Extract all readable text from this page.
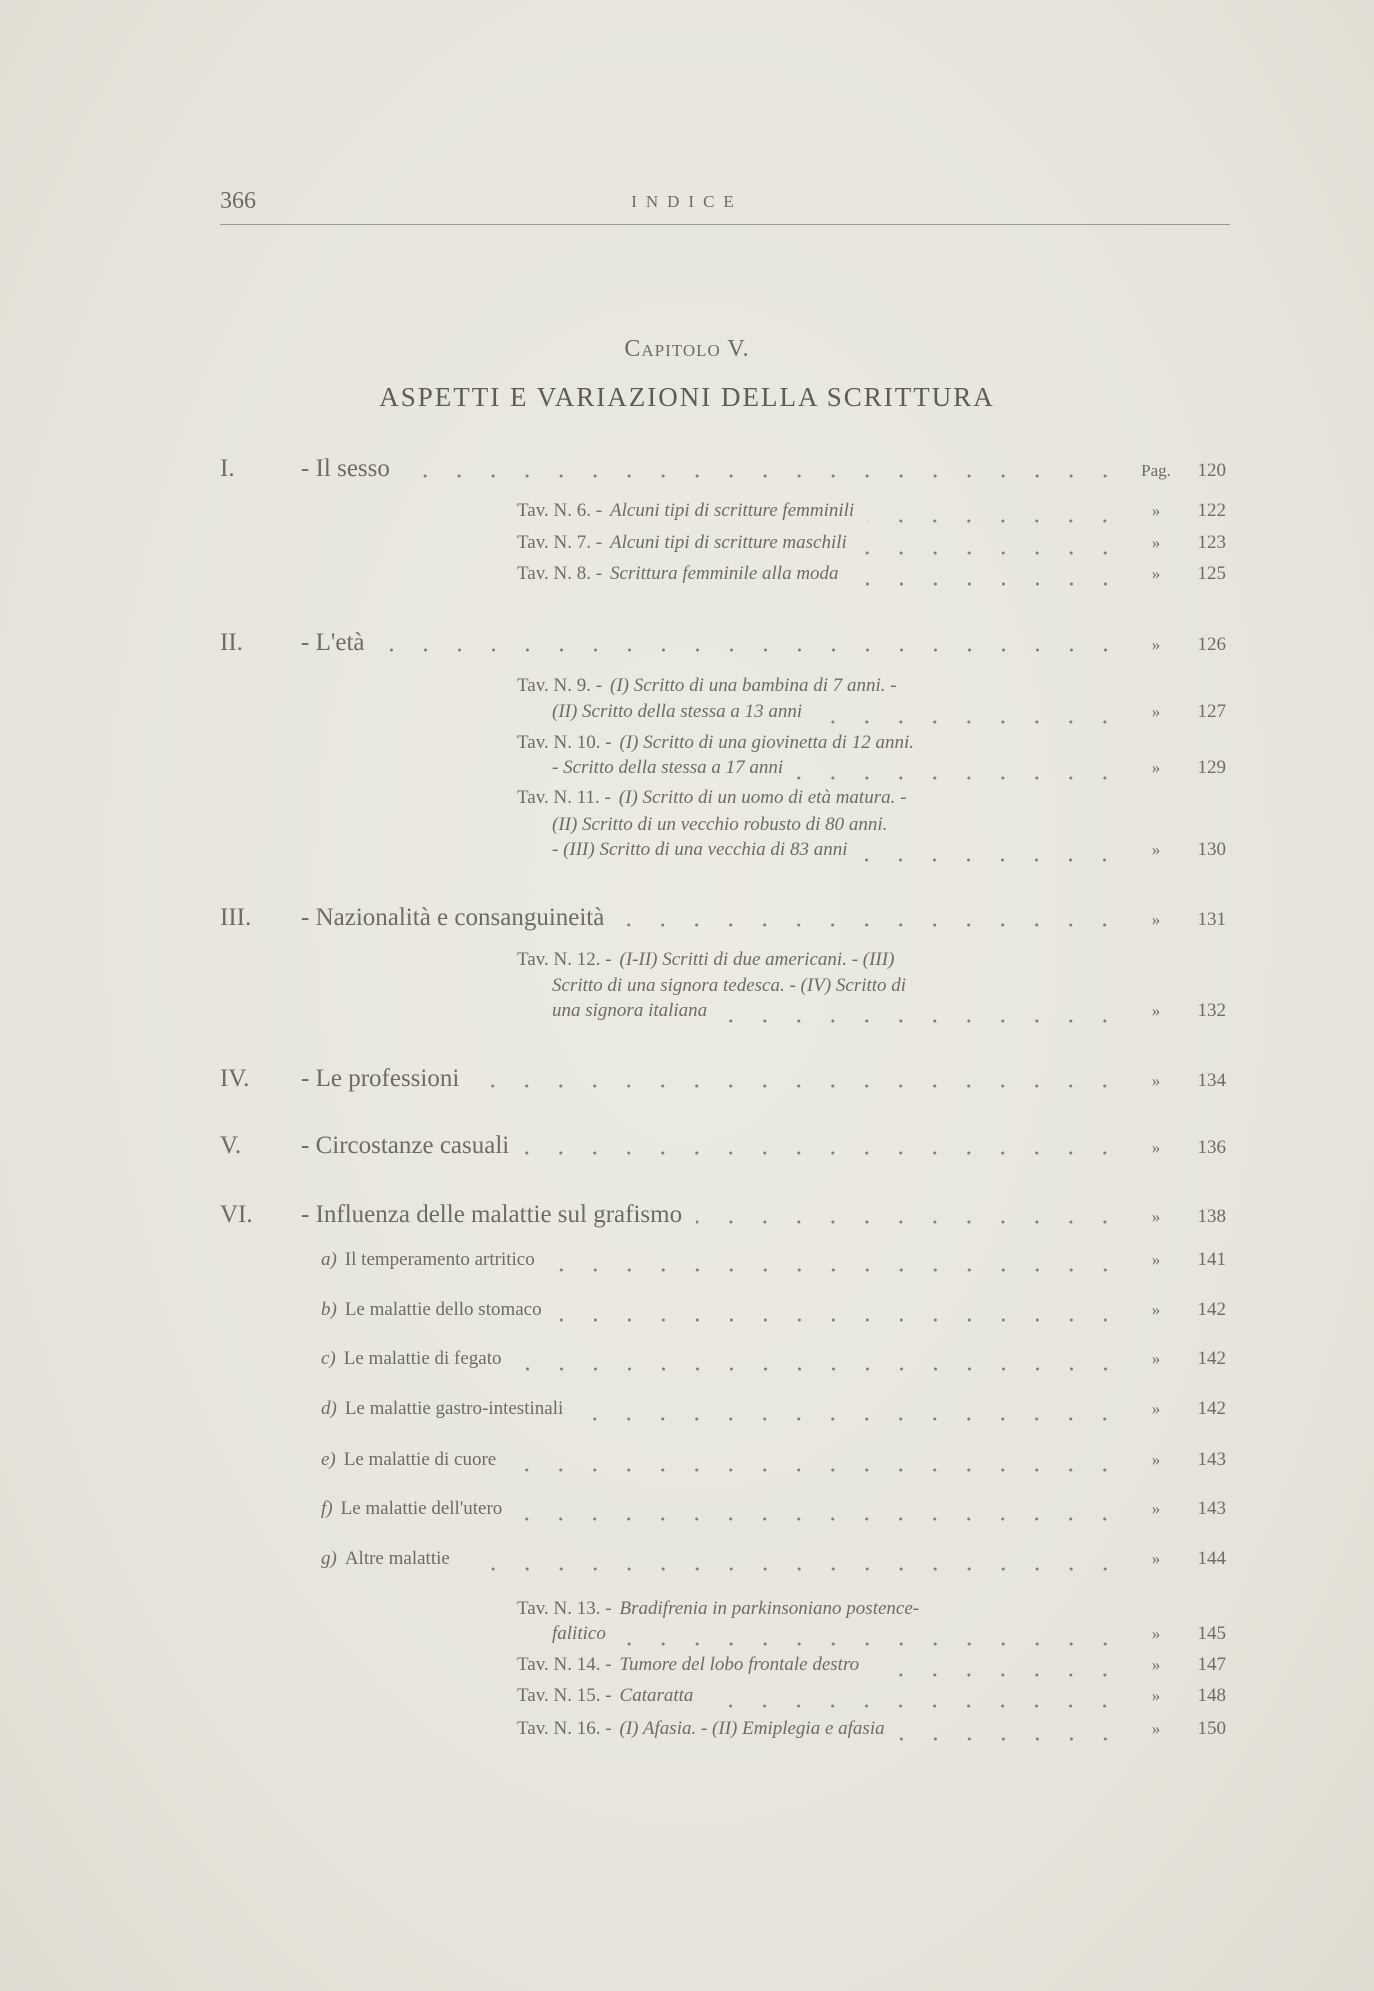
366	INDICE
Capitolo V.
ASPETTI E VARIAZIONI DELLA SCRITTURA
I.	- Il sesso	Pag.	120
Tav. N. 6. - Alcuni tipi di scritture femminili	»	122
Tav. N. 7. - Alcuni tipi di scritture maschili	»	123
Tav. N. 8. - Scrittura femminile alla moda	»	125
II. - L'età	»	126
Tav. N. 9. - (I) Scritto di una bambina di 7 anni. -
(II) Scritto della stessa a 13 anni	»	127
Tav. N. 10. - (I) Scritto di una giovinetta di 12 anni.
- Scritto della stessa a 17 anni	»	129
Tav. N. 11. - (I) Scritto di un uomo di età matura. -
(II) Scritto di un vecchio robusto di 80 anni.
- (III) Scritto di una vecchia di 83 anni	»	130
III. - Nazionalità e consanguineità	»	131
Tav. N. 12. - (I-II) Scritti di due americani. - (III)
Scritto di una signora tedesca. - (IV) Scritto di
una signora italiana	»	132
IV. - Le professioni	»	134
V. - Circostanze casuali	»	136
VI. - Influenza delle malattie sul grafismo	»	138
a) Il temperamento artritico	»	141
b) Le malattie dello stomaco	»	142
c) Le malattie di fegato	»	142
d) Le malattie gastro-intestinali	»	142
e) Le malattie di cuore	»	143
f) Le malattie dell'utero	»	143
g) Altre malattie	»	144
Tav. N. 13. - Bradifrenia in parkinsoniano postence-
falitico	»	145
Tav. N. 14. - Tumore del lobo frontale destro	»	147
Tav. N. 15. - Cataratta	»	148
Tav. N. 16. - (I) Afasia. - (II) Emiplegia e afasia	»	150
